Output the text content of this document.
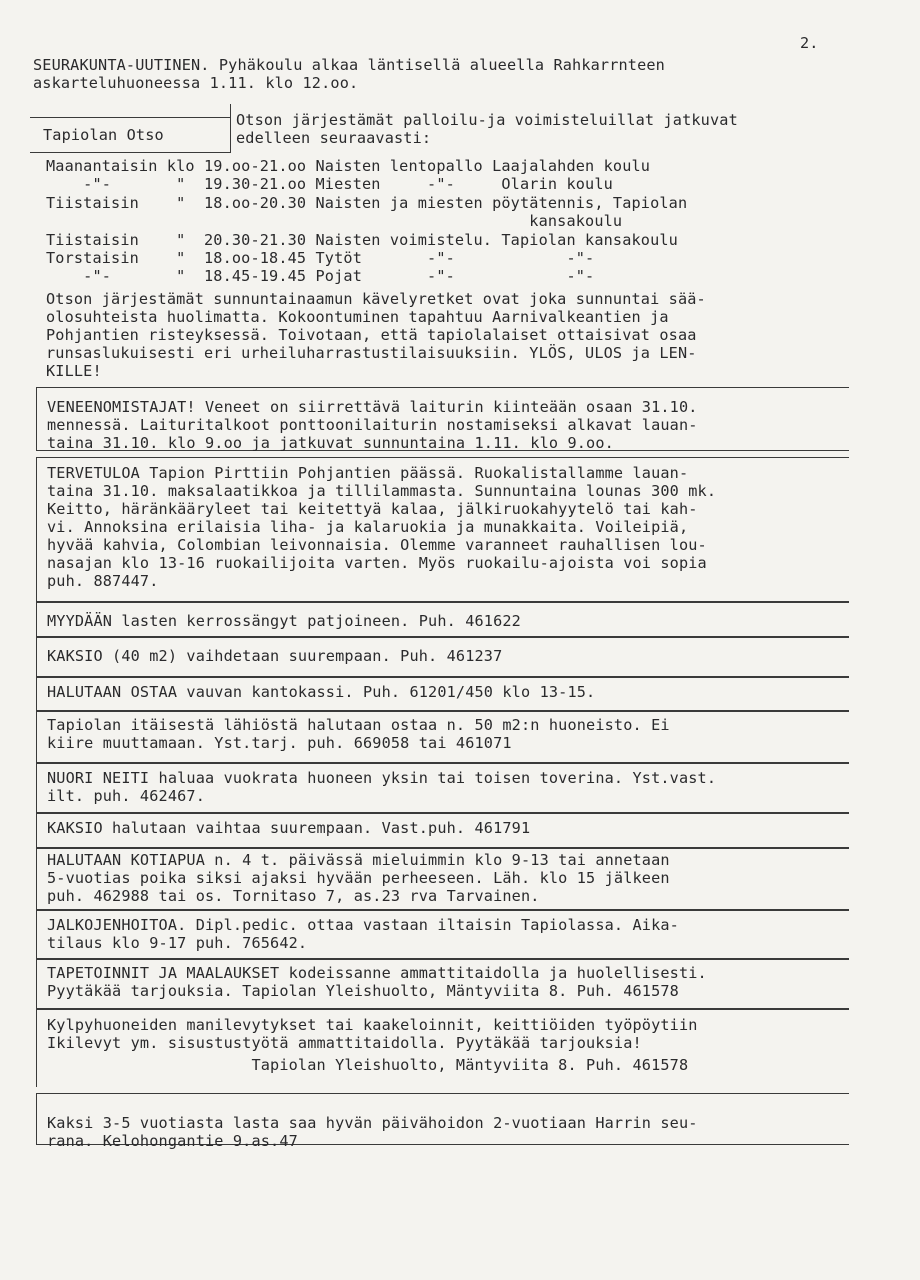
2.
SEURAKUNTA-UUTINEN. Pyhäkoulu alkaa läntisellä alueella Rahkarrnteen
askarteluhuoneessa 1.11. klo 12.oo.
Tapiolan Otso
Otson järjestämät palloilu-ja voimisteluillat jatkuvat
edelleen seuraavasti:
Maanantaisin klo 19.oo-21.oo Naisten lentopallo Laajalahden koulu
-"-       "  19.30-21.oo Miesten     -"-     Olarin koulu
Tiistaisin    "  18.oo-20.30 Naisten ja miesten pöytätennis, Tapiolan
kansakoulu
Tiistaisin    "  20.30-21.30 Naisten voimistelu. Tapiolan kansakoulu
Torstaisin    "  18.oo-18.45 Tytöt       -"-            -"-
-"-       "  18.45-19.45 Pojat       -"-            -"-
Otson järjestämät sunnuntainaamun kävelyretket ovat joka sunnuntai sää-
olosuhteista huolimatta. Kokoontuminen tapahtuu Aarnivalkeantien ja
Pohjantien risteyksessä. Toivotaan, että tapiolalaiset ottaisivat osaa
runsaslukuisesti eri urheiluharrastustilaisuuksiin. YLÖS, ULOS ja LEN-
KILLE!
VENEENOMISTAJAT! Veneet on siirrettävä laiturin kiinteään osaan 31.10.
mennessä. Laituritalkoot ponttoonilaiturin nostamiseksi alkavat lauan-
taina 31.10. klo 9.oo ja jatkuvat sunnuntaina 1.11. klo 9.oo.
TERVETULOA Tapion Pirttiin Pohjantien päässä. Ruokalistallamme lauan-
taina 31.10. maksalaatikkoa ja tillilammasta. Sunnuntaina lounas 300 mk.
Keitto, häränkääryleet tai keitettyä kalaa, jälkiruokahyytelö tai kah-
vi. Annoksina erilaisia liha- ja kalaruokia ja munakkaita. Voileipiä,
hyvää kahvia, Colombian leivonnaisia. Olemme varanneet rauhallisen lou-
nasajan klo 13-16 ruokailijoita varten. Myös ruokailu-ajoista voi sopia
puh. 887447.
MYYDÄÄN lasten kerrossängyt patjoineen. Puh. 461622
KAKSIO (40 m2) vaihdetaan suurempaan. Puh. 461237
HALUTAAN OSTAA vauvan kantokassi. Puh. 61201/450 klo 13-15.
Tapiolan itäisestä lähiöstä halutaan ostaa n. 50 m2:n huoneisto. Ei
kiire muuttamaan. Yst.tarj. puh. 669058 tai 461071
NUORI NEITI haluaa vuokrata huoneen yksin tai toisen toverina. Yst.vast.
ilt. puh. 462467.
KAKSIO halutaan vaihtaa suurempaan. Vast.puh. 461791
HALUTAAN KOTIAPUA n. 4 t. päivässä mieluimmin klo 9-13 tai annetaan
5-vuotias poika siksi ajaksi hyvään perheeseen. Läh. klo 15 jälkeen
puh. 462988 tai os. Tornitaso 7, as.23 rva Tarvainen.
JALKOJENHOITOA. Dipl.pedic. ottaa vastaan iltaisin Tapiolassa. Aika-
tilaus klo 9-17 puh. 765642.
TAPETOINNIT JA MAALAUKSET kodeissanne ammattitaidolla ja huolellisesti.
Pyytäkää tarjouksia. Tapiolan Yleishuolto, Mäntyviita 8. Puh. 461578
Kylpyhuoneiden manilevytykset tai kaakeloinnit, keittiöiden työpöytiin
Ikilevyt ym. sisustustyötä ammattitaidolla. Pyytäkää tarjouksia!
Tapiolan Yleishuolto, Mäntyviita 8. Puh. 461578
Kaksi 3-5 vuotiasta lasta saa hyvän päivähoidon 2-vuotiaan Harrin seu-
rana. Kelohongantie 9.as.47
